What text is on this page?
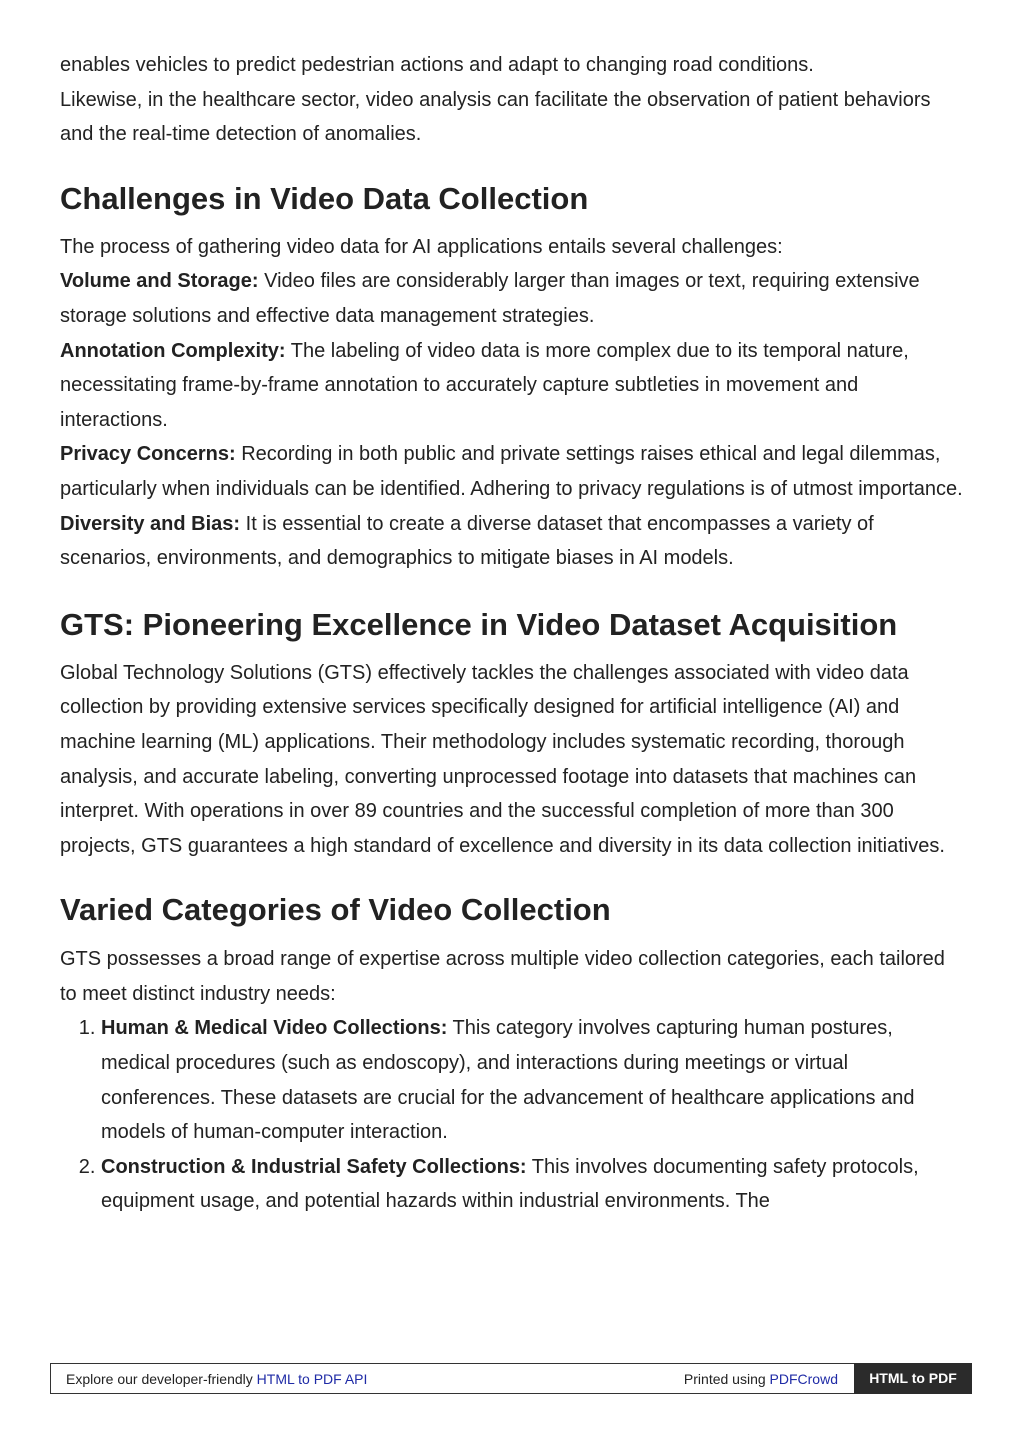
enables vehicles to predict pedestrian actions and adapt to changing road conditions.
Likewise, in the healthcare sector, video analysis can facilitate the observation of patient behaviors and the real-time detection of anomalies.

Challenges in Video Data Collection

The process of gathering video data for AI applications entails several challenges:

Volume and Storage: Video files are considerably larger than images or text, requiring extensive storage solutions and effective data management strategies.

Annotation Complexity: The labeling of video data is more complex due to its temporal nature, necessitating frame-by-frame annotation to accurately capture subtleties in movement and interactions.

Privacy Concerns: Recording in both public and private settings raises ethical and legal dilemmas, particularly when individuals can be identified. Adhering to privacy regulations is of utmost importance.

Diversity and Bias: It is essential to create a diverse dataset that encompasses a variety of scenarios, environments, and demographics to mitigate biases in AI models.

GTS: Pioneering Excellence in Video Dataset Acquisition

Global Technology Solutions (GTS) effectively tackles the challenges associated with video data collection by providing extensive services specifically designed for artificial intelligence (AI) and machine learning (ML) applications. Their methodology includes systematic recording, thorough analysis, and accurate labeling, converting unprocessed footage into datasets that machines can interpret. With operations in over 89 countries and the successful completion of more than 300 projects, GTS guarantees a high standard of excellence and diversity in its data collection initiatives.

Varied Categories of Video Collection

GTS possesses a broad range of expertise across multiple video collection categories, each tailored to meet distinct industry needs:

1. Human & Medical Video Collections: This category involves capturing human postures, medical procedures (such as endoscopy), and interactions during meetings or virtual conferences. These datasets are crucial for the advancement of healthcare applications and models of human-computer interaction.
2. Construction & Industrial Safety Collections: This involves documenting safety protocols, equipment usage, and potential hazards within industrial environments. The
Explore our developer-friendly HTML to PDF API	Printed using PDFCrowd	HTML to PDF
